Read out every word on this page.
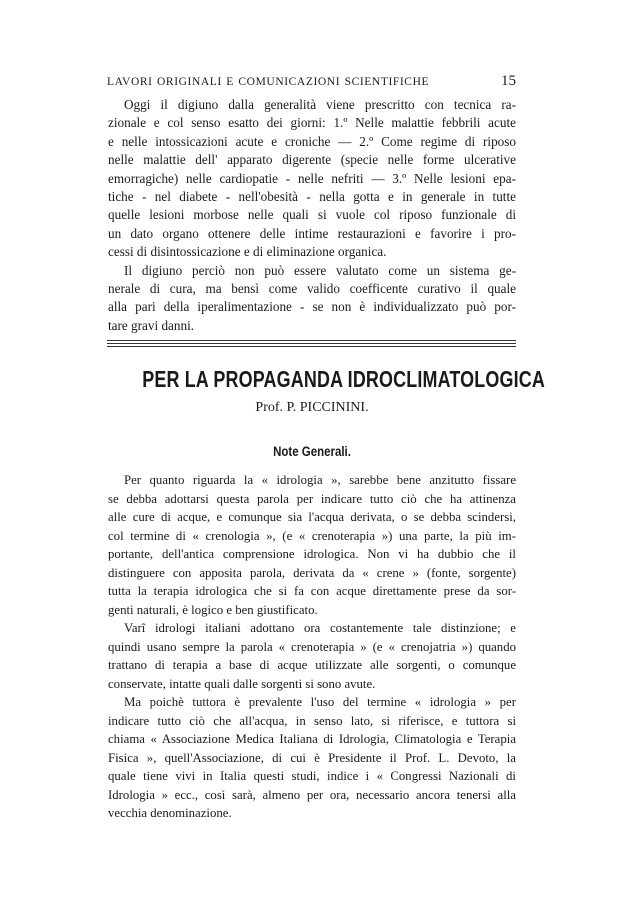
LAVORI ORIGINALI E COMUNICAZIONI SCIENTIFICHE	15
Oggi il digiuno dalla generalità viene prescritto con tecnica ra-
zionale e col senso esatto dei giorni: 1.º Nelle malattie febbrili acute
e nelle intossicazioni acute e croniche — 2.º Come regime di riposo
nelle malattie dell' apparato digerente (specie nelle forme ulcerative
emorragiche) nelle cardiopatie - nelle nefriti — 3.º Nelle lesioni epa-
tiche - nel diabete - nell'obesità - nella gotta e in generale in tutte
quelle lesioni morbose nelle quali si vuole col riposo funzionale di
un dato organo ottenere delle intime restaurazioni e favorire i pro-
cessi di disintossicazione e di eliminazione organica.
Il digiuno perciò non può essere valutato come un sistema ge-
nerale di cura, ma bensì come valido coefficente curativo il quale
alla pari della iperalimentazione - se non è individualizzato può por-
tare gravi danni.
PER LA PROPAGANDA IDROCLIMATOLOGICA
Prof. P. PICCININI.
Note Generali.
Per quanto riguarda la « idrologia », sarebbe bene anzitutto fissare
se debba adottarsi questa parola per indicare tutto ciò che ha attinenza
alle cure di acque, e comunque sia l'acqua derivata, o se debba scindersi,
col termine di « crenologia », (e « crenoterapia ») una parte, la più im-
portante, dell'antica comprensione idrologica. Non vi ha dubbio che il
distinguere con apposita parola, derivata da « crene » (fonte, sorgente)
tutta la terapia idrologica che si fa con acque direttamente prese da sor-
genti naturali, è logico e ben giustificato.
Varî idrologi italiani adottano ora costantemente tale distinzione; e
quindi usano sempre la parola « crenoterapia » (e « crenojatria ») quando
trattano di terapia a base di acque utilizzate alle sorgenti, o comunque
conservate, intatte quali dalle sorgenti si sono avute.
Ma poichè tuttora è prevalente l'uso del termine « idrologia » per
indicare tutto ciò che all'acqua, in senso lato, si riferisce, e tuttora si
chiama « Associazione Medica Italiana di Idrologia, Climatologia e Terapia
Fisica », quell'Associazione, di cui è Presidente il Prof. L. Devoto, la
quale tiene vivi in Italia questi studi, indice i « Congressi Nazionali di
Idrologia » ecc., così sarà, almeno per ora, necessario ancora tenersi alla
vecchia denominazione.
